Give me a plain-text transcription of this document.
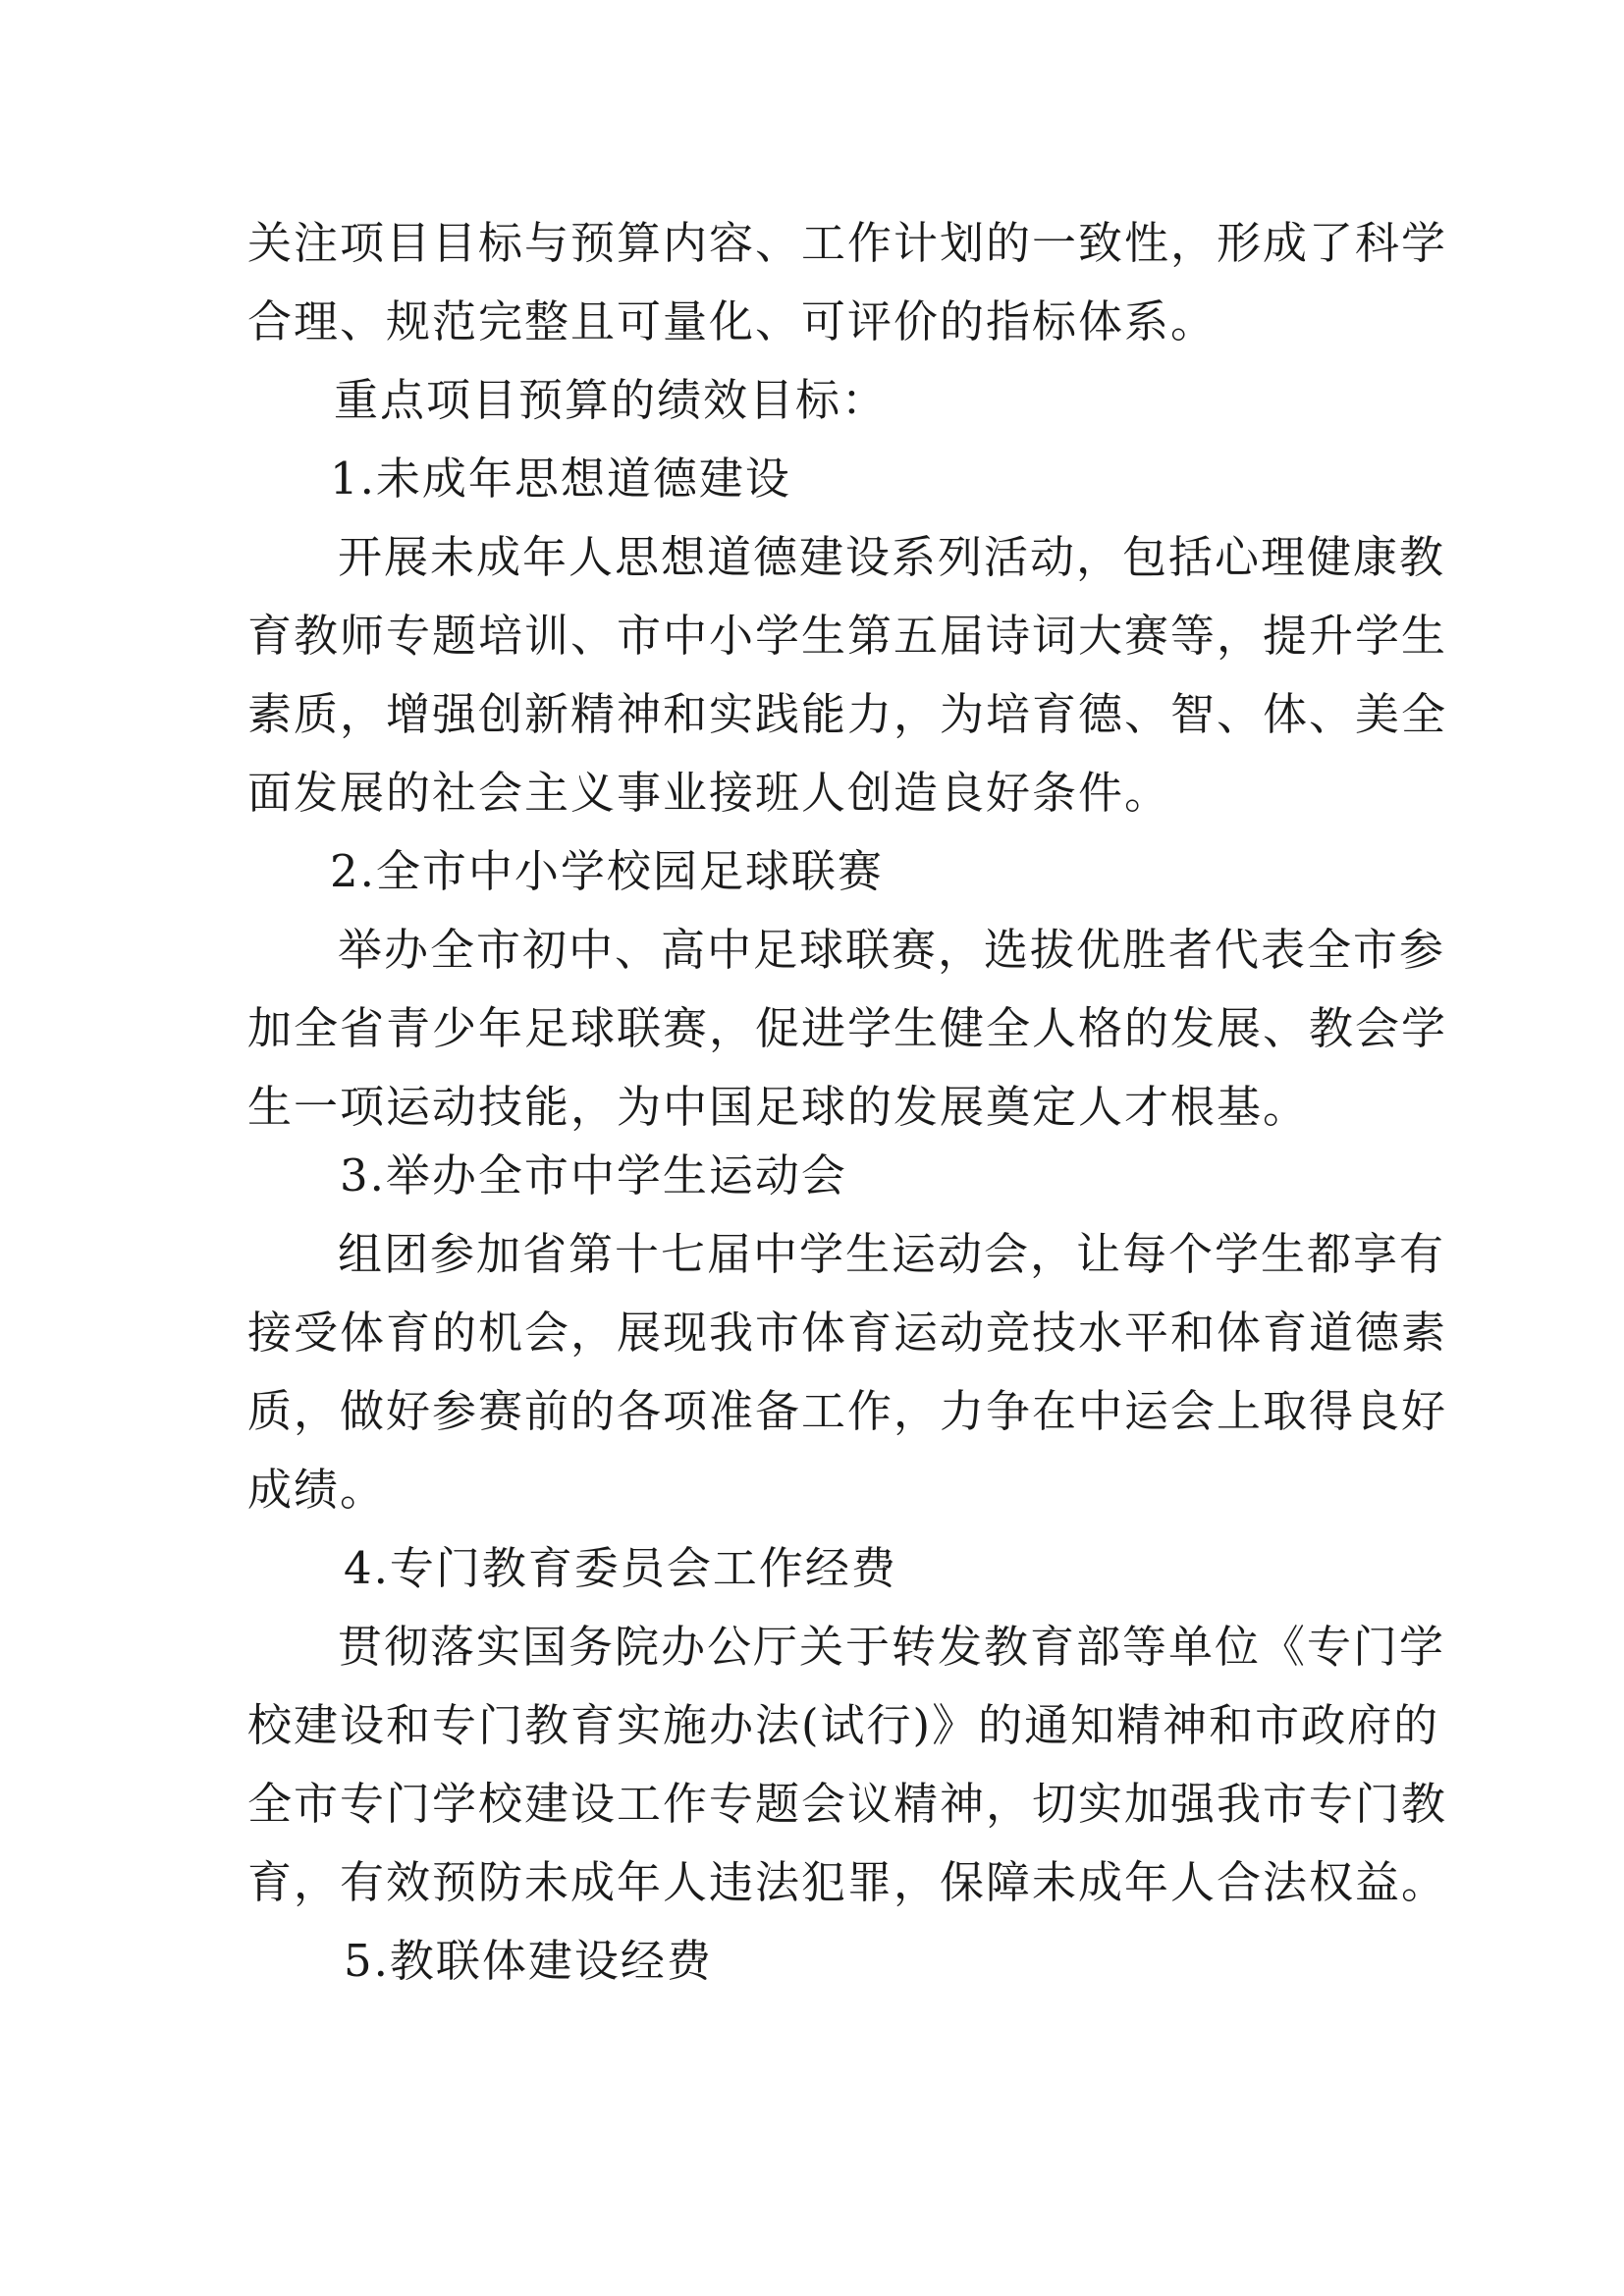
关注项目目标与预算内容、工作计划的一致性，形成了科学
合理、规范完整且可量化、可评价的指标体系。
重点项目预算的绩效目标：
1.未成年思想道德建设
开展未成年人思想道德建设系列活动，包括心理健康教
育教师专题培训、市中小学生第五届诗词大赛等，提升学生
素质，增强创新精神和实践能力，为培育德、智、体、美全
面发展的社会主义事业接班人创造良好条件。
2.全市中小学校园足球联赛
举办全市初中、高中足球联赛，选拔优胜者代表全市参
加全省青少年足球联赛，促进学生健全人格的发展、教会学
生一项运动技能，为中国足球的发展奠定人才根基。
3.举办全市中学生运动会
组团参加省第十七届中学生运动会，让每个学生都享有
接受体育的机会，展现我市体育运动竞技水平和体育道德素
质，做好参赛前的各项准备工作，力争在中运会上取得良好
成绩。
4.专门教育委员会工作经费
贯彻落实国务院办公厅关于转发教育部等单位《专门学
校建设和专门教育实施办法(试行)》的通知精神和市政府的
全市专门学校建设工作专题会议精神，切实加强我市专门教
育，有效预防未成年人违法犯罪，保障未成年人合法权益。
5.教联体建设经费
